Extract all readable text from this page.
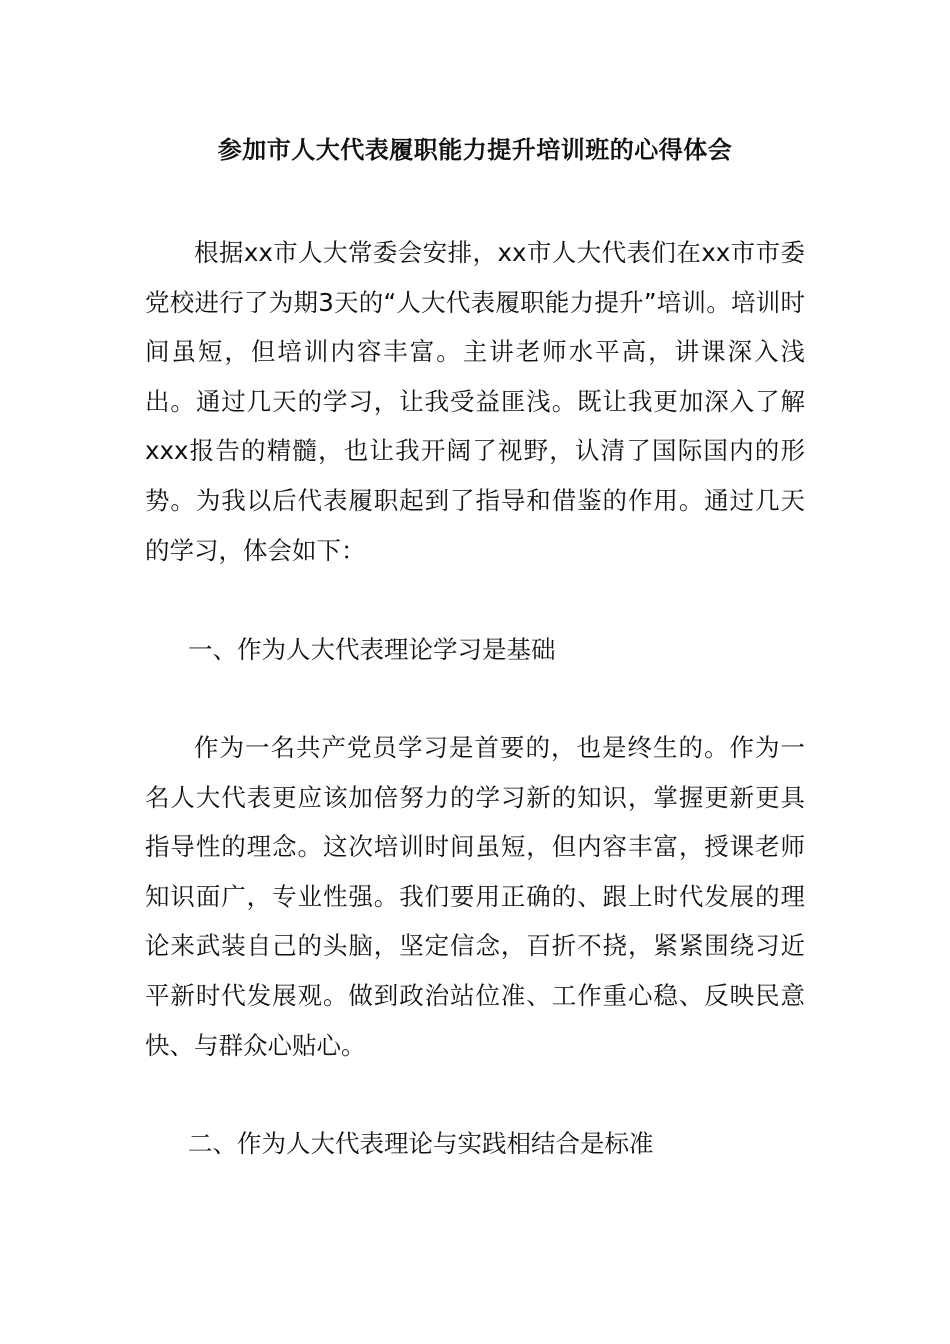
参加市人大代表履职能力提升培训班的心得体会

根据xx市人大常委会安排，xx市人大代表们在xx市市委党校进行了为期3天的“人大代表履职能力提升”培训。培训时间虽短，但培训内容丰富。主讲老师水平高，讲课深入浅出。通过几天的学习，让我受益匪浅。既让我更加深入了解xxx报告的精髓，也让我开阔了视野，认清了国际国内的形势。为我以后代表履职起到了指导和借鉴的作用。通过几天的学习，体会如下：

一、作为人大代表理论学习是基础

作为一名共产党员学习是首要的，也是终生的。作为一名人大代表更应该加倍努力的学习新的知识，掌握更新更具指导性的理念。这次培训时间虽短，但内容丰富，授课老师知识面广，专业性强。我们要用正确的、跟上时代发展的理论来武装自己的头脑，坚定信念，百折不挠，紧紧围绕习近平新时代发展观。做到政治站位准、工作重心稳、反映民意快、与群众心贴心。

二、作为人大代表理论与实践相结合是标准
